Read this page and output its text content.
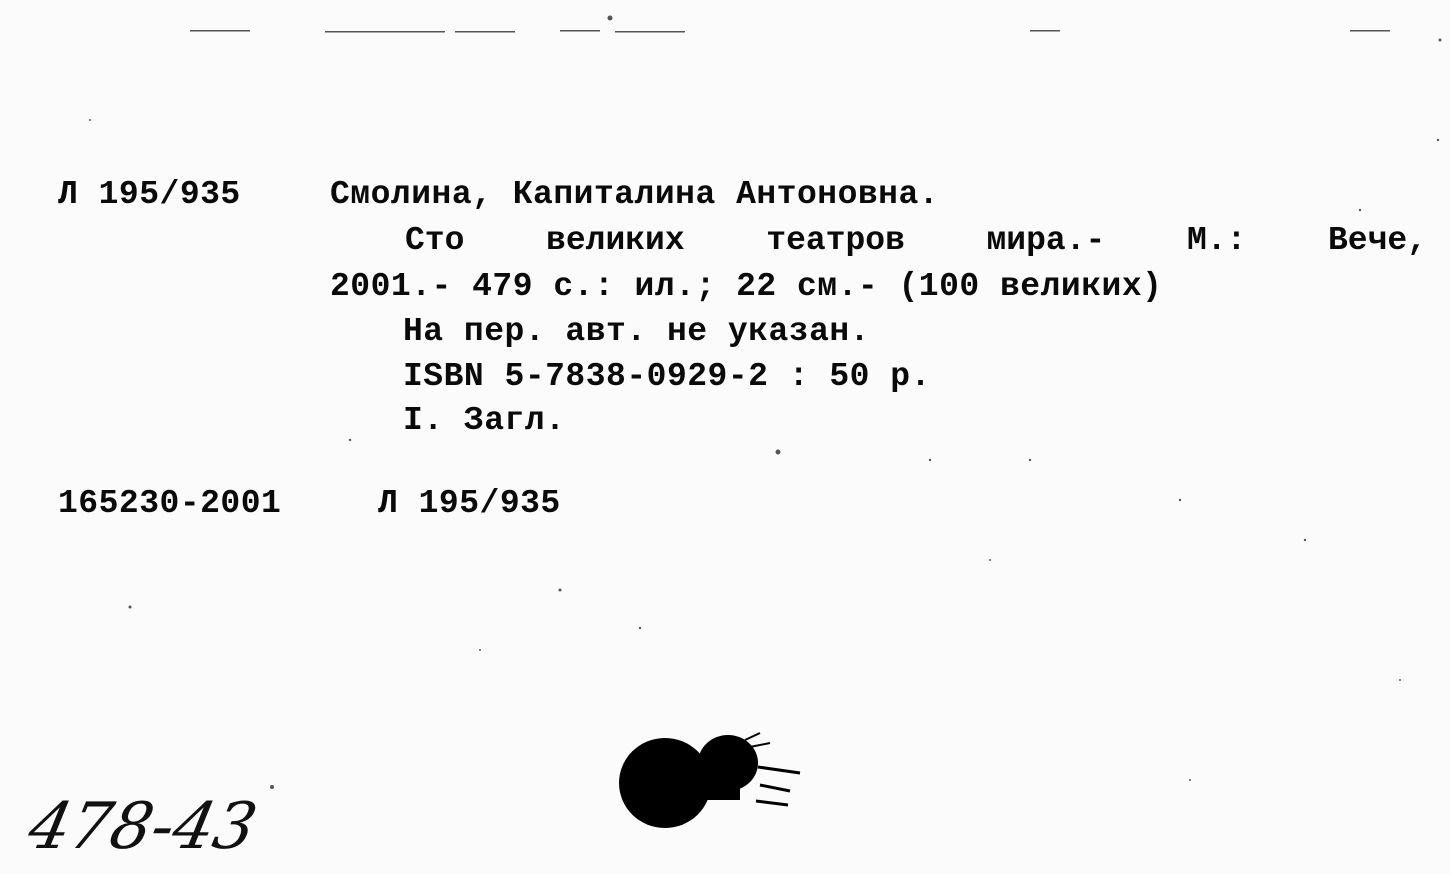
Л 195/935	Смолина, Капиталина Антоновна.
Сто великих театров мира.- М.: Вече,
2001.- 479 с.: ил.; 22 см.- (100 великих)
На пер. авт. не указан.
ISBN 5-7838-0929-2 : 50 р.
I. Загл.
165230-2001	Л 195/935
478-43
